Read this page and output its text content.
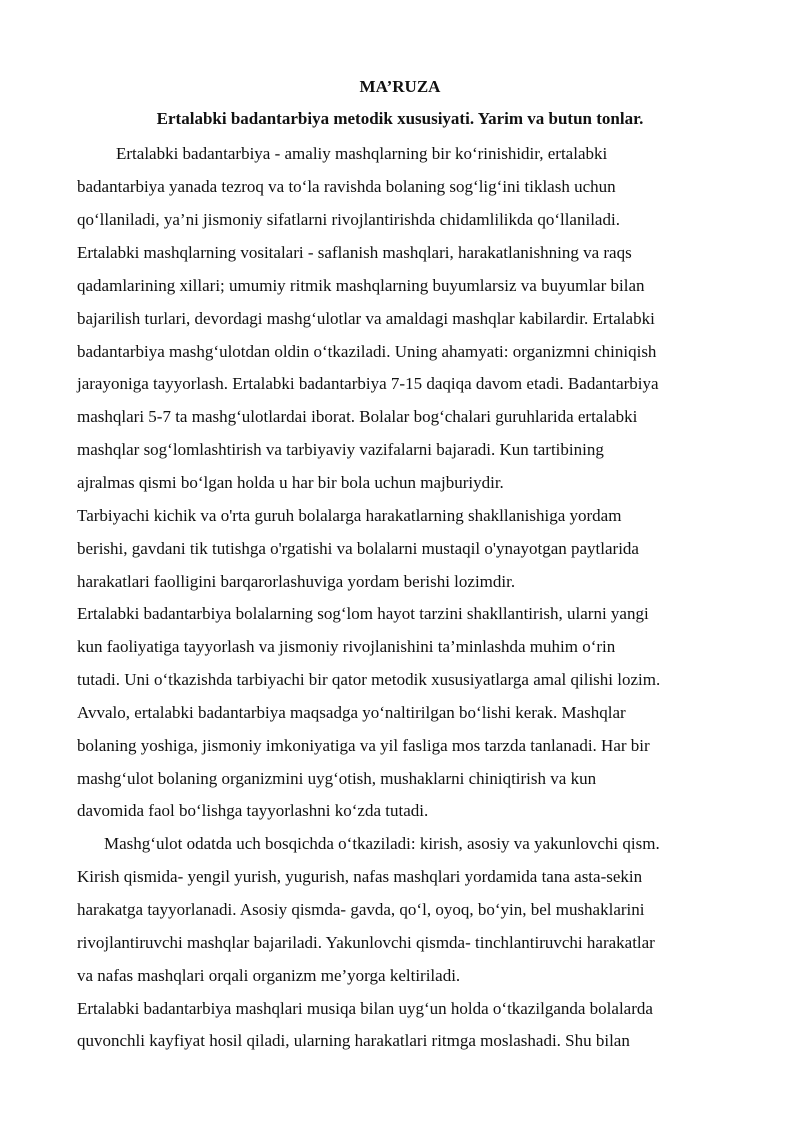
MA’RUZA
Ertalabki badantarbiya metodik xususiyati. Yarim va butun tonlar.
Ertalabki badantarbiya - amaliy mashqlarning bir ko‘rinishidir, ertalabki
badantarbiya yanada tezroq va to‘la ravishda bolaning sog‘lig‘ini tiklash uchun
qo‘llaniladi, ya’ni jismoniy sifatlarni rivojlantirishda chidamlilikda qo‘llaniladi.
Ertalabki mashqlarning vositalari - saflanish mashqlari, harakatlanishning va raqs
qadamlarining xillari; umumiy ritmik mashqlarning buyumlarsiz va buyumlar bilan
bajarilish turlari, devordagi mashg‘ulotlar va amaldagi mashqlar kabilardir. Ertalabki
badantarbiya mashg‘ulotdan oldin o‘tkaziladi. Uning ahamyati: organizmni chiniqish
jarayoniga tayyorlash. Ertalabki badantarbiya 7-15 daqiqa davom etadi. Badantarbiya
mashqlari 5-7 ta mashg‘ulotlardai iborat. Bolalar bog‘chalari guruhlarida ertalabki
mashqlar sog‘lomlashtirish va tarbiyaviy vazifalarni bajaradi. Kun tartibining
ajralmas qismi bo‘lgan holda u har bir bola uchun majburiydir.
Tarbiyachi kichik va o'rta guruh bolalarga harakatlarning shakllanishiga yordam
berishi, gavdani tik tutishga o'rgatishi va bolalarni mustaqil o'ynayotgan paytlarida
harakatlari faolligini barqarorlashuviga yordam berishi lozimdir.
Ertalabki badantarbiya bolalarning sog‘lom hayot tarzini shakllantirish, ularni yangi
kun faoliyatiga tayyorlash va jismoniy rivojlanishini ta’minlashda muhim o‘rin
tutadi. Uni o‘tkazishda tarbiyachi bir qator metodik xususiyatlarga amal qilishi lozim.
Avvalo, ertalabki badantarbiya maqsadga yo‘naltirilgan bo‘lishi kerak. Mashqlar
bolaning yoshiga, jismoniy imkoniyatiga va yil fasliga mos tarzda tanlanadi. Har bir
mashg‘ulot bolaning organizmini uyg‘otish, mushaklarni chiniqtirish va kun
davomida faol bo‘lishga tayyorlashni ko‘zda tutadi.
Mashg‘ulot odatda uch bosqichda o‘tkaziladi: kirish, asosiy va yakunlovchi qism.
Kirish qismida- yengil yurish, yugurish, nafas mashqlari yordamida tana asta-sekin
harakatga tayyorlanadi. Asosiy qismda- gavda, qo‘l, oyoq, bo‘yin, bel mushaklarini
rivojlantiruvchi mashqlar bajariladi. Yakunlovchi qismda- tinchlantiruvchi harakatlar
va nafas mashqlari orqali organizm me’yorga keltiriladi.
Ertalabki badantarbiya mashqlari musiqa bilan uyg‘un holda o‘tkazilganda bolalarda
quvonchli kayfiyat hosil qiladi, ularning harakatlari ritmga moslashadi. Shu bilan
